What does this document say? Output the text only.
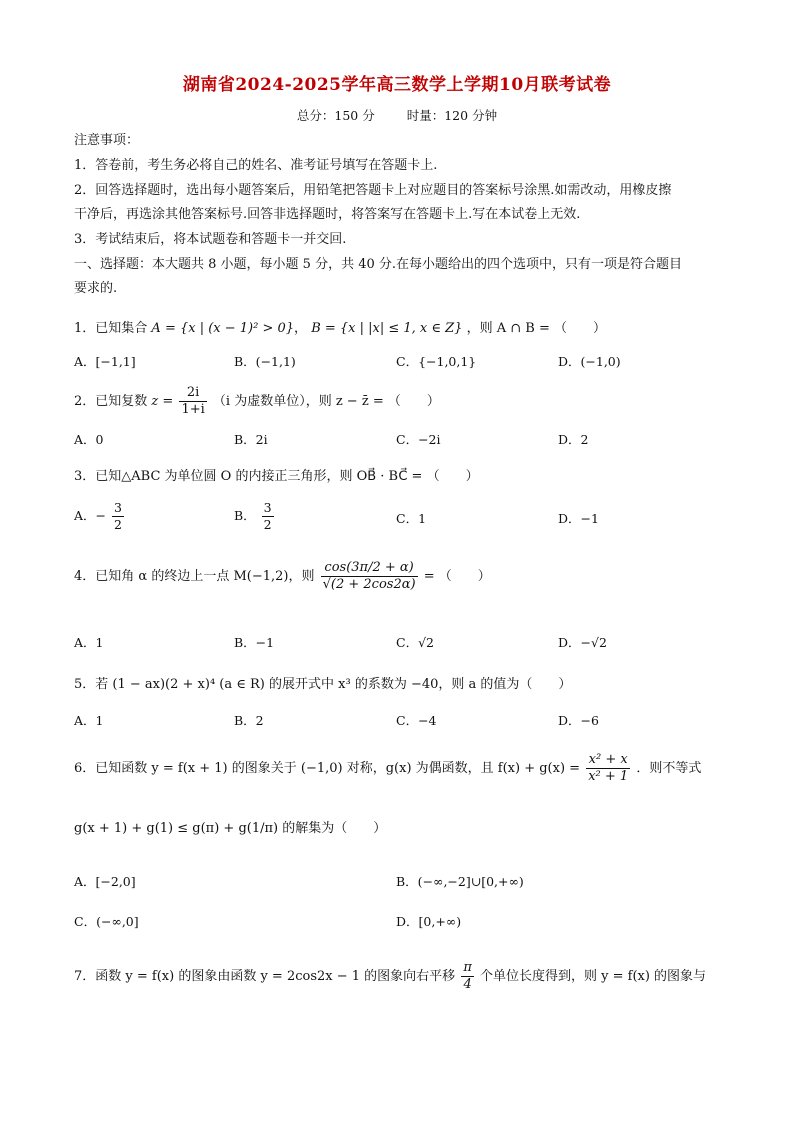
湖南省2024-2025学年高三数学上学期10月联考试卷
总分：150 分	时量：120 分钟
注意事项：
1．答卷前，考生务必将自己的姓名、准考证号填写在答题卡上.
2．回答选择题时，选出每小题答案后，用铅笔把答题卡上对应题目的答案标号涂黑.如需改动，用橡皮擦
干净后，再选涂其他答案标号.回答非选择题时，将答案写在答题卡上.写在本试卷上无效.
3．考试结束后，将本试题卷和答题卡一并交回.
一、选择题：本大题共 8 小题，每小题 5 分，共 40 分.在每小题给出的四个选项中，只有一项是符合题目
要求的.
1．已知集合 A = {x | (x − 1)² > 0}， B = {x | |x| ≤ 1, x ∈ Z} ，则 A ∩ B = （　　）
A．[−1,1]	B．(−1,1)	C．{−1,0,1}	D．(−1,0)
2．已知复数 $z = \frac{2i}{1+i} (i$ 为虚数单位），则 z − z̄ = （　　）
A．0	B．2i	C．−2i	D．2
3．已知△ABC 为单位圆 O 的内接正三角形，则 OB⃗ · BC⃗ = （　　）
A．− $\frac{3}{2}$	B． $\frac{3}{2}$	C．1	D．−1
4．已知角 α 的终边上一点 M(−1,2)，则 $\frac{\cos(3\pi/2 + \alpha)}{√(2 + 2\cos 2\alpha)}$ = （　　）
A．1	B．−1	C．√2	D．−√2
5．若 (1 − ax)(2 + x)⁴ (a ∈ R) 的展开式中 x³ 的系数为 −40，则 a 的值为（　　）
A．1	B．2	C．−4	D．−6
6．已知函数 y = f(x + 1) 的图象关于 (−1,0) 对称，g(x) 为偶函数，且 $f(x) + g(x) = \frac{\text{x² + x}}{\text{x² + 1}}$ ．则不等式
g(x + 1) + g(1) ≤ g(π) + g(1/π) 的解集为（　　）
A．[−2,0]	B．(−∞,−2]∪[0,+∞)
C．(−∞,0]	D．[0,+∞)
7．函数 y = f(x) 的图象由函数 y = 2cos2x − 1 的图象向右平移 $\frac{\pi}{4}$ 个单位长度得到，则 y = f(x) 的图象与
